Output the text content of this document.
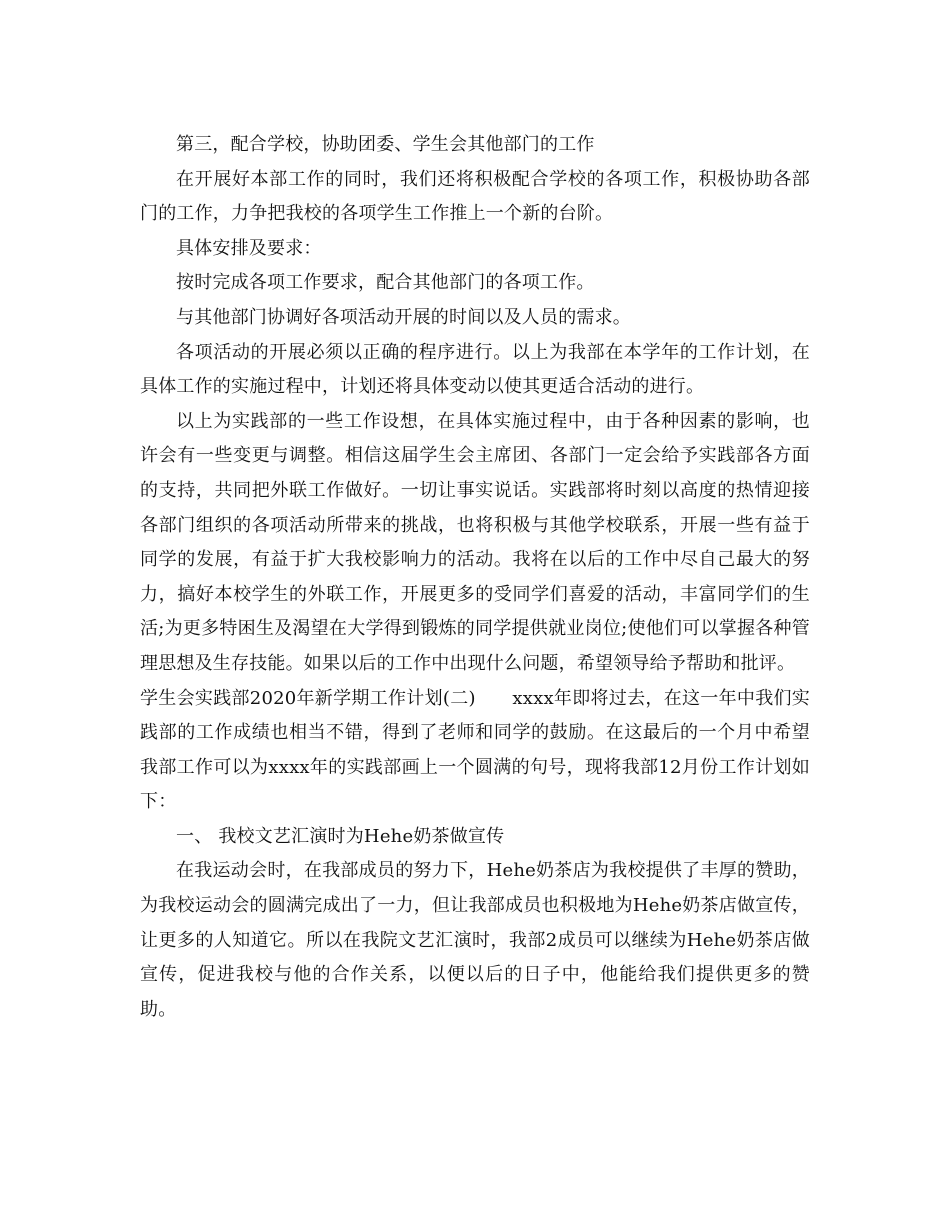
第三，配合学校，协助团委、学生会其他部门的工作

在开展好本部工作的同时，我们还将积极配合学校的各项工作，积极协助各部门的工作，力争把我校的各项学生工作推上一个新的台阶。

具体安排及要求：

按时完成各项工作要求，配合其他部门的各项工作。

与其他部门协调好各项活动开展的时间以及人员的需求。

各项活动的开展必须以正确的程序进行。以上为我部在本学年的工作计划，在具体工作的实施过程中，计划还将具体变动以使其更适合活动的进行。

以上为实践部的一些工作设想，在具体实施过程中，由于各种因素的影响，也许会有一些变更与调整。相信这届学生会主席团、各部门一定会给予实践部各方面的支持，共同把外联工作做好。一切让事实说话。实践部将时刻以高度的热情迎接各部门组织的各项活动所带来的挑战，也将积极与其他学校联系，开展一些有益于同学的发展，有益于扩大我校影响力的活动。我将在以后的工作中尽自己最大的努力，搞好本校学生的外联工作，开展更多的受同学们喜爱的活动，丰富同学们的生活;为更多特困生及渴望在大学得到锻炼的同学提供就业岗位;使他们可以掌握各种管理思想及生存技能。如果以后的工作中出现什么问题，希望领导给予帮助和批评。

学生会实践部2020年新学期工作计划(二)　　xxxx年即将过去，在这一年中我们实践部的工作成绩也相当不错，得到了老师和同学的鼓励。在这最后的一个月中希望我部工作可以为xxxx年的实践部画上一个圆满的句号，现将我部12月份工作计划如下：

一、 我校文艺汇演时为Hehe奶茶做宣传

在我运动会时，在我部成员的努力下，Hehe奶茶店为我校提供了丰厚的赞助，为我校运动会的圆满完成出了一力，但让我部成员也积极地为Hehe奶茶店做宣传，让更多的人知道它。所以在我院文艺汇演时，我部2成员可以继续为Hehe奶茶店做宣传，促进我校与他的合作关系，以便以后的日子中，他能给我们提供更多的赞助。
